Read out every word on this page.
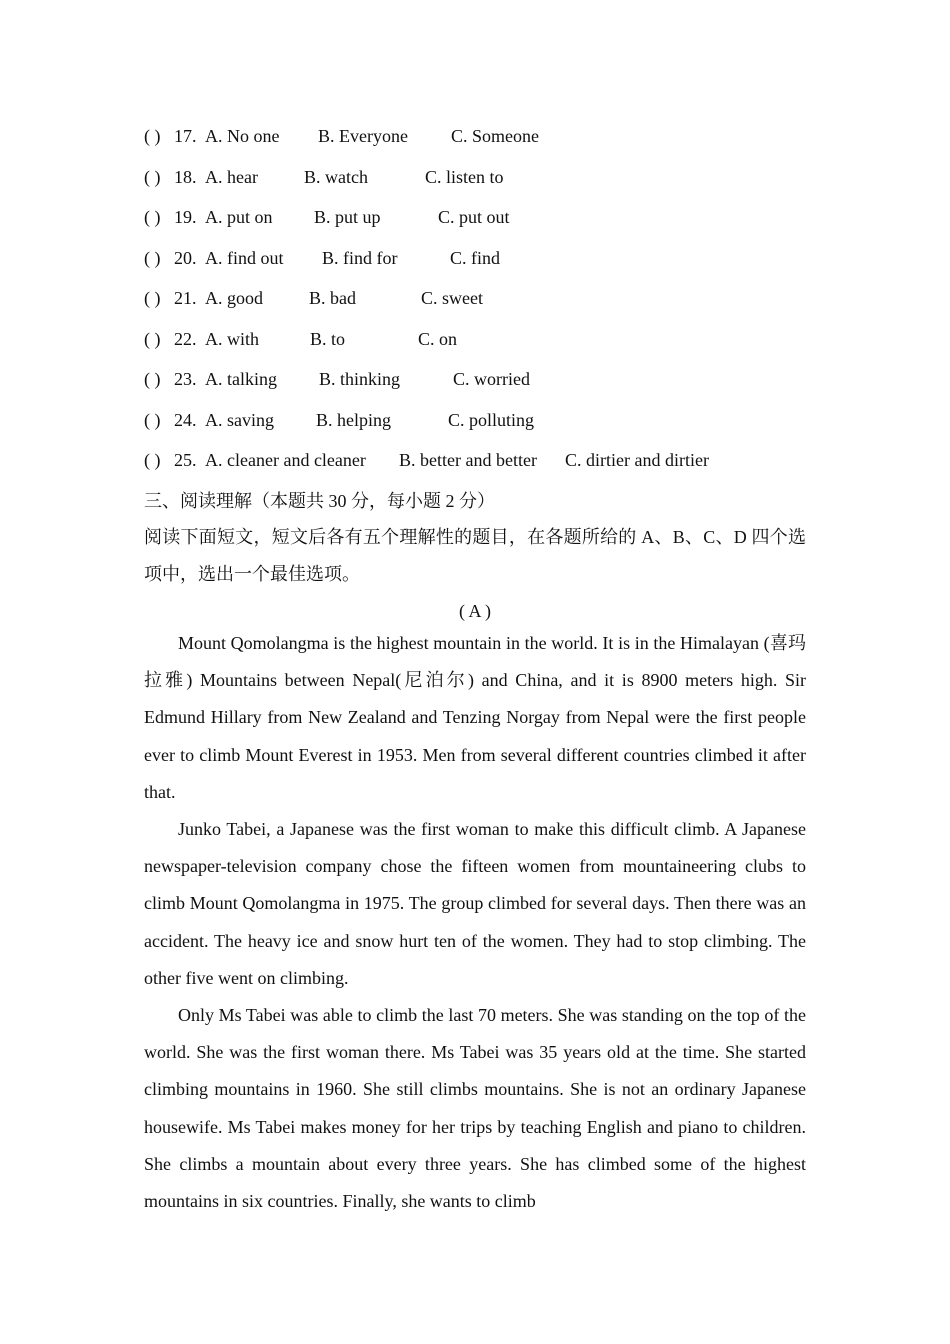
( ) 17. A. No one B. Everyone C. Someone
( ) 18. A. hear	B. watch	C. listen to
( ) 19. A. put on B. put up	C. put out
( ) 20. A. find out B. find for	C. find
( ) 21. A. good	B. bad	C. sweet
( ) 22. A. with	B. to	C. on
( ) 23. A. talking B. thinking	C. worried
( ) 24. A. saving B. helping	C. polluting
( ) 25. A. cleaner and cleaner B. better and better C. dirtier and dirtier
三、阅读理解（本题共 30 分，每小题 2 分）
阅读下面短文，短文后各有五个理解性的题目，在各题所给的 A、B、C、D 四个选项中，选出一个最佳选项。
( A )

Mount Qomolangma is the highest mountain in the world. It is in the Himalayan (喜玛拉雅) Mountains between Nepal(尼泊尔) and China, and it is 8900 meters high. Sir Edmund Hillary from New Zealand and Tenzing Norgay from Nepal were the first people ever to climb Mount Everest in 1953. Men from several different countries climbed it after that.

Junko Tabei, a Japanese was the first woman to make this difficult climb. A Japanese newspaper-television company chose the fifteen women from mountaineering clubs to climb Mount Qomolangma in 1975. The group climbed for several days. Then there was an accident. The heavy ice and snow hurt ten of the women. They had to stop climbing. The other five went on climbing.

Only Ms Tabei was able to climb the last 70 meters. She was standing on the top of the world. She was the first woman there. Ms Tabei was 35 years old at the time. She started climbing mountains in 1960. She still climbs mountains. She is not an ordinary Japanese housewife. Ms Tabei makes money for her trips by teaching English and piano to children. She climbs a mountain about every three years. She has climbed some of the highest mountains in six countries. Finally, she wants to climb
